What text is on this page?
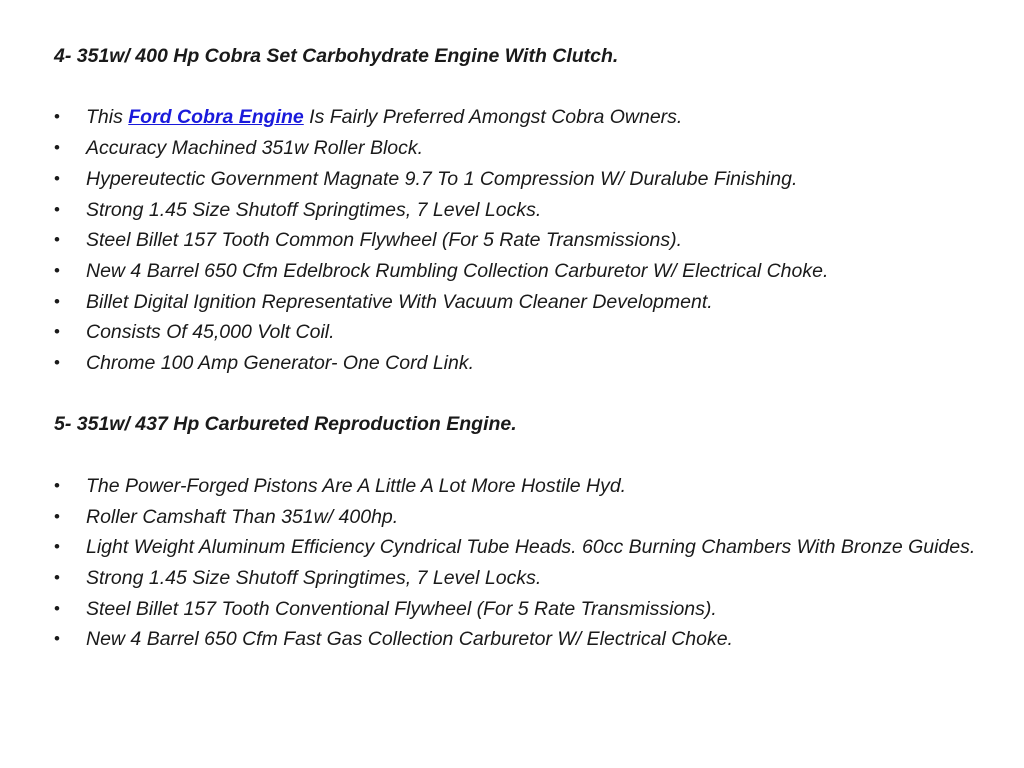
4- 351w/ 400 Hp Cobra Set Carbohydrate Engine With Clutch.

• This Ford Cobra Engine Is Fairly Preferred Amongst Cobra Owners.
• Accuracy Machined 351w Roller Block.
• Hypereutectic Government Magnate 9.7 To 1 Compression W/ Duralube Finishing.
• Strong 1.45 Size Shutoff Springtimes, 7 Level Locks.
• Steel Billet 157 Tooth Common Flywheel (For 5 Rate Transmissions).
• New 4 Barrel 650 Cfm Edelbrock Rumbling Collection Carburetor W/ Electrical Choke.
• Billet Digital Ignition Representative With Vacuum Cleaner Development.
• Consists Of 45,000 Volt Coil.
• Chrome 100 Amp Generator- One Cord Link.

5- 351w/ 437 Hp Carbureted Reproduction Engine.

• The Power-Forged Pistons Are A Little A Lot More Hostile Hyd.
• Roller Camshaft Than 351w/ 400hp.
• Light Weight Aluminum Efficiency Cyndrical Tube Heads. 60cc Burning Chambers With Bronze Guides.
• Strong 1.45 Size Shutoff Springtimes, 7 Level Locks.
• Steel Billet 157 Tooth Conventional Flywheel (For 5 Rate Transmissions).
• New 4 Barrel 650 Cfm Fast Gas Collection Carburetor W/ Electrical Choke.
